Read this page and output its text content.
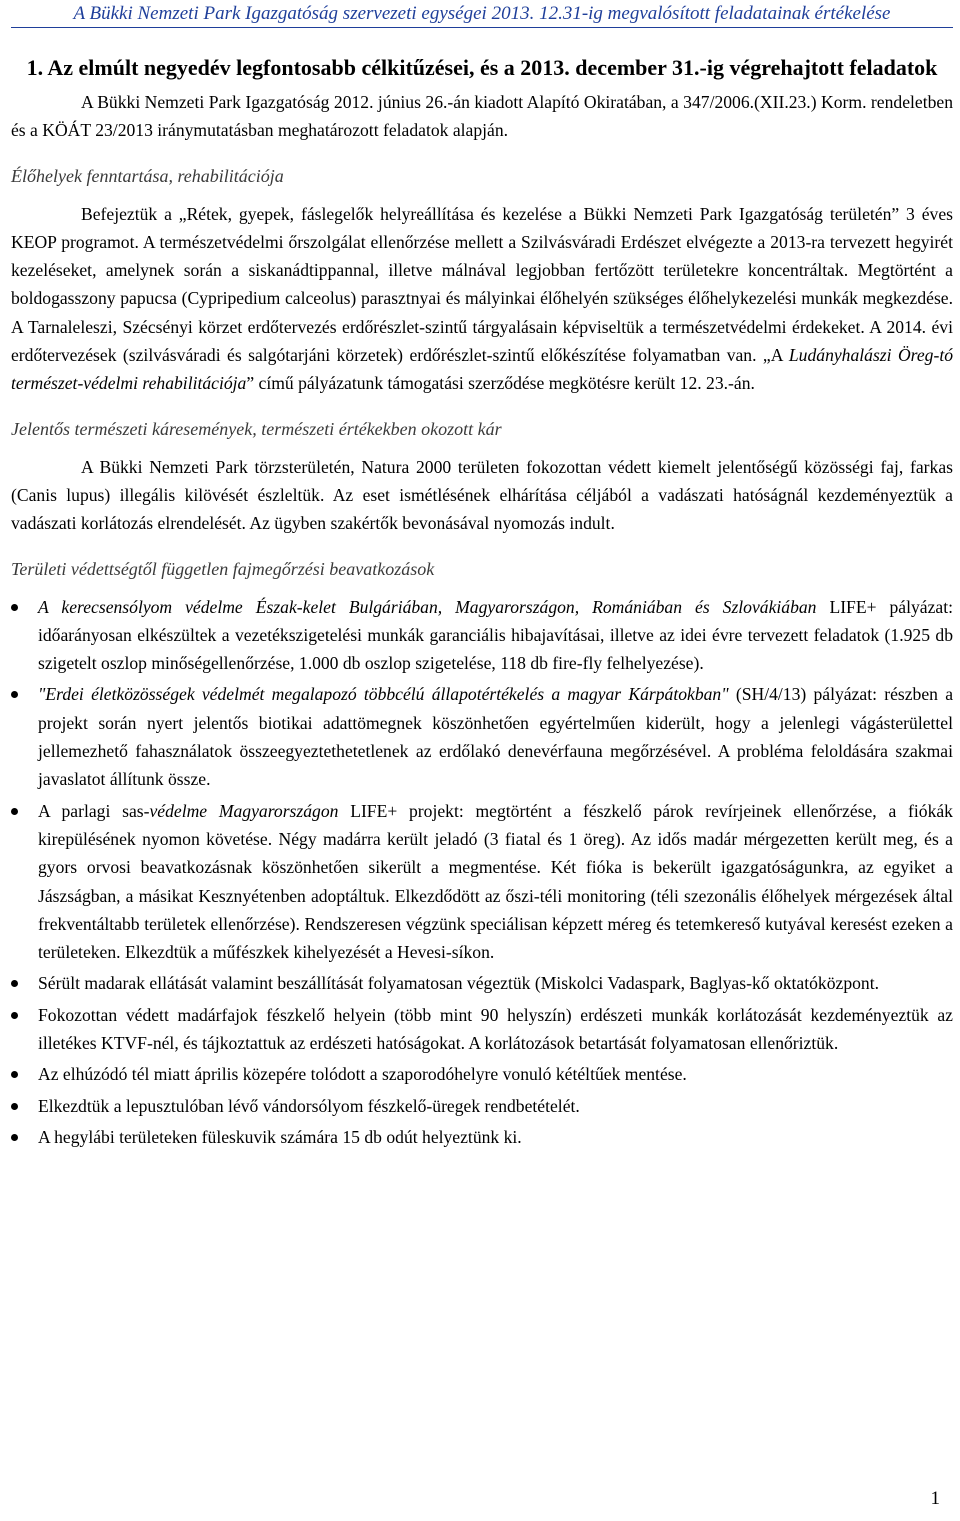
A Bükki Nemzeti Park Igazgatóság szervezeti egységei 2013. 12.31-ig megvalósított feladatainak értékelése
1. Az elmúlt negyedév legfontosabb célkitűzései, és a 2013. december 31.-ig végrehajtott feladatok

A Bükki Nemzeti Park Igazgatóság 2012. június 26.-án kiadott Alapító Okiratában, a 347/2006.(XII.23.) Korm. rendeletben és a KÖÁT 23/2013 iránymutatásban meghatározott feladatok alapján.

Élőhelyek fenntartása, rehabilitációja

Befejeztük a „Rétek, gyepek, fáslegelők helyreállítása és kezelése a Bükki Nemzeti Park Igazgatóság területén” 3 éves KEOP programot. A természetvédelmi őrszolgálat ellenőrzése mellett a Szilvásváradi Erdészet elvégezte a 2013-ra tervezett hegyirét kezeléseket, amelynek során a siskanádtippannal, illetve málnával legjobban fertőzött területekre koncentráltak. Megtörtént a boldogasszony papucsa (Cypripedium calceolus) parasztnyai és mályinkai élőhelyén szükséges élőhelykezelési munkák megkezdése. A Tarnaleleszi, Szécsényi körzet erdőtervezés erdőrészlet-szintű tárgyalásain képviseltük a természetvédelmi érdekeket. A 2014. évi erdőtervezések (szilvásváradi és salgótarjáni körzetek) erdőrészlet-szintű előkészítése folyamatban van. „A Ludányhalászi Öreg-tó természet-védelmi rehabilitációja” című pályázatunk támogatási szerződése megkötésre került 12. 23.-án.

Jelentős természeti káresemények, természeti értékekben okozott kár

A Bükki Nemzeti Park törzsterületén, Natura 2000 területen fokozottan védett kiemelt jelentőségű közösségi faj, farkas (Canis lupus) illegális kilövését észleltük. Az eset ismétlésének elhárítása céljából a vadászati hatóságnál kezdeményeztük a vadászati korlátozás elrendelését. Az ügyben szakértők bevonásával nyomozás indult.

Területi védettségtől független fajmegőrzési beavatkozások
A kerecsensólyom védelme Észak-kelet Bulgáriában, Magyarországon, Romániában és Szlovákiában LIFE+ pályázat: időarányosan elkészültek a vezetékszigetelési munkák garanciális hibajavításai, illetve az idei évre tervezett feladatok (1.925 db szigetelt oszlop minőségellenőrzése, 1.000 db oszlop szigetelése, 118 db fire-fly felhelyezése).
"Erdei életközösségek védelmét megalapozó többcélú állapotértékelés a magyar Kárpátokban" (SH/4/13) pályázat: részben a projekt során nyert jelentős biotikai adattömegnek köszönhetően egyértelműen kiderült, hogy a jelenlegi vágásterülettel jellemezhető fahasználatok összeegyeztethetetlenek az erdőlakó denevérfauna megőrzésével. A probléma feloldására szakmai javaslatot állítunk össze.
A parlagi sas-védelme Magyarországon LIFE+ projekt: megtörtént a fészkelő párok revírjeinek ellenőrzése, a fiókák kirepülésének nyomon követése. Négy madárra került jeladó (3 fiatal és 1 öreg). Az idős madár mérgezetten került meg, és a gyors orvosi beavatkozásnak köszönhetően sikerült a megmentése. Két fióka is bekerült igazgatóságunkra, az egyiket a Jászságban, a másikat Kesznyétenben adoptáltuk. Elkezdődött az őszi-téli monitoring (téli szezonális élőhelyek mérgezések által frekventáltabb területek ellenőrzése). Rendszeresen végzünk speciálisan képzett méreg és tetemkereső kutyával keresést ezeken a területeken. Elkezdtük a műfészkek kihelyezését a Hevesi-síkon.
Sérült madarak ellátását valamint beszállítását folyamatosan végeztük (Miskolci Vadaspark, Baglyas-kő oktatóközpont.
Fokozottan védett madárfajok fészkelő helyein (több mint 90 helyszín) erdészeti munkák korlátozását kezdeményeztük az illetékes KTVF-nél, és tájkoztattuk az erdészeti hatóságokat. A korlátozások betartását folyamatosan ellenőriztük.
Az elhúzódó tél miatt április közepére tolódott a szaporodóhelyre vonuló kétéltűek mentése.
Elkezdtük a lepusztulóban lévő vándorsólyom fészkelő-üregek rendbetételét.
A hegylábi területeken füleskuvik számára 15 db odút helyeztünk ki.
1
